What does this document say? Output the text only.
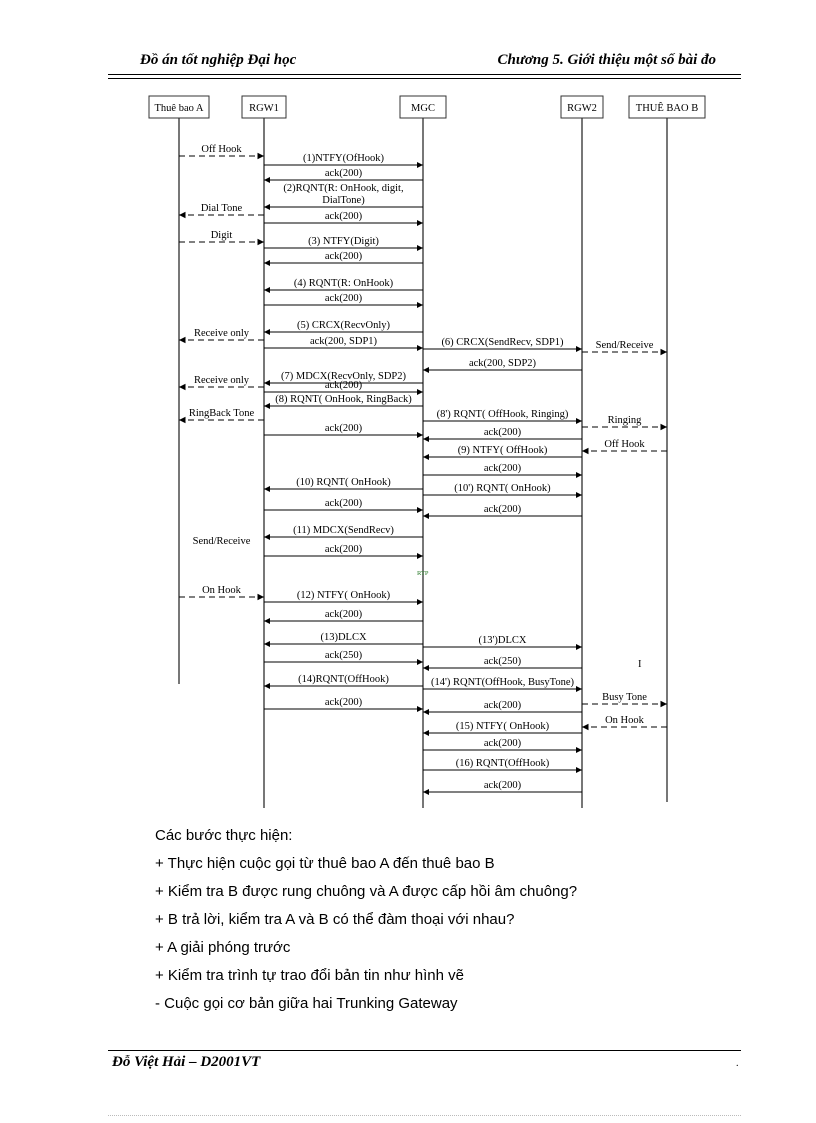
Đồ án tốt nghiệp Đại học	Chương 5. Giới thiệu một số bài đo
Thuê bao A	RGW1	MGC	RGW2	THUÊ BAO B
Off Hook
(1)NTFY(OfHook)
ack(200)
(2)RQNT(R: OnHook, digit, DialTone)
Dial Tone
ack(200)
Digit
(3) NTFY(Digit)
ack(200)
(4) RQNT(R: OnHook)
ack(200)
(5) CRCX(RecvOnly)
Receive only
ack(200, SDP1)	(6) CRCX(SendRecv, SDP1)	Send/Receive
ack(200, SDP2)
(7) MDCX(RecvOnly, SDP2)
Receive only	ack(200)
(8) RQNT( OnHook, RingBack)
RingBack Tone	(8') RQNT( OffHook, Ringing)
Ringing
ack(200)	ack(200)
Off Hook
(9) NTFY( OffHook)
ack(200)
(10) RQNT( OnHook)
(10') RQNT( OnHook)
ack(200)
ack(200)
(11) MDCX(SendRecv)
Send/Receive
ack(200)
On Hook	(12) NTFY( OnHook)
ack(200)
(13)DLCX	(13')DLCX
ack(250)
ack(250)
(14)RQNT(OffHook)	(14') RQNT(OffHook, BusyTone)
Busy Tone
ack(200)	ack(200)
On Hook
(15) NTFY( OnHook)
ack(200)
(16) RQNT(OffHook)
ack(200)
RTP
I
Các bước thực hiện:
+ Thực hiện cuộc gọi từ thuê bao A đến thuê bao B
+ Kiểm tra B được rung chuông và A được cấp hồi âm chuông?
+ B trả lời, kiểm tra A và B có thể đàm thoại với nhau?
+ A giải phóng trước
+ Kiểm tra trình tự trao đổi bản tin như hình vẽ
- Cuộc gọi cơ bản giữa hai Trunking Gateway
Đỗ Việt Hải – D2001VT	.
